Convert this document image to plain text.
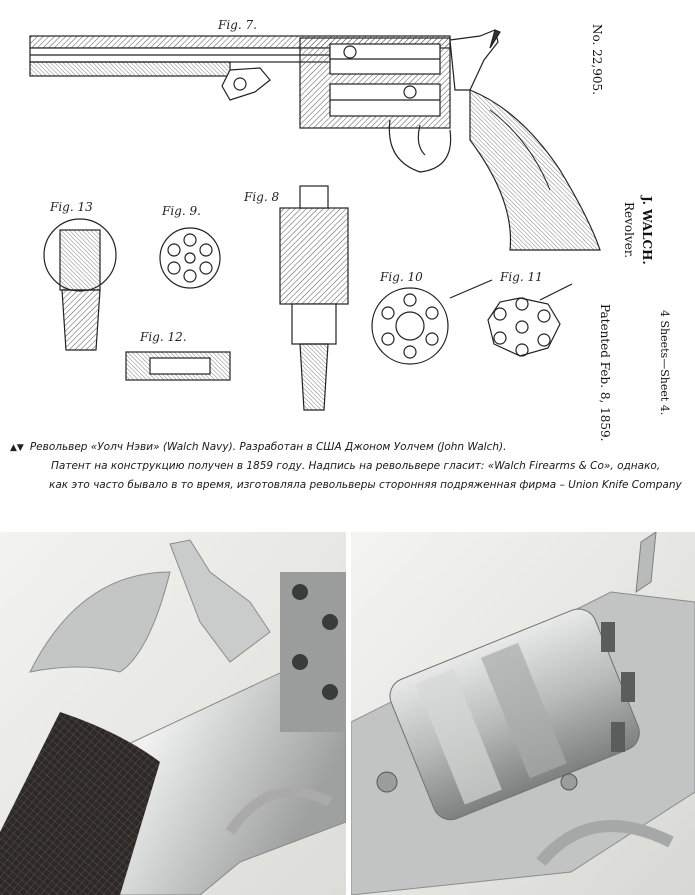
Fig. 7.
Fig. 13	Fig. 9.
Fig. 8
Fig. 10	Fig. 11
Fig. 12.
No. 22,905.
J. WALCH.
Revolver.
Patented Feb. 8, 1859.	4 Sheets—Sheet 4.
▲▼ Револьвер «Уолч Нэви» (Walch Navy). Разработан в США Джоном Уолчем (John Walch).
Патент на конструкцию получен в 1859 году. Надпись на револьвере гласит: «Walch Firearms & Co», однако,
как это часто бывало в то время, изготовляла револьверы сторонняя подряженная фирма – Union Knife Company
